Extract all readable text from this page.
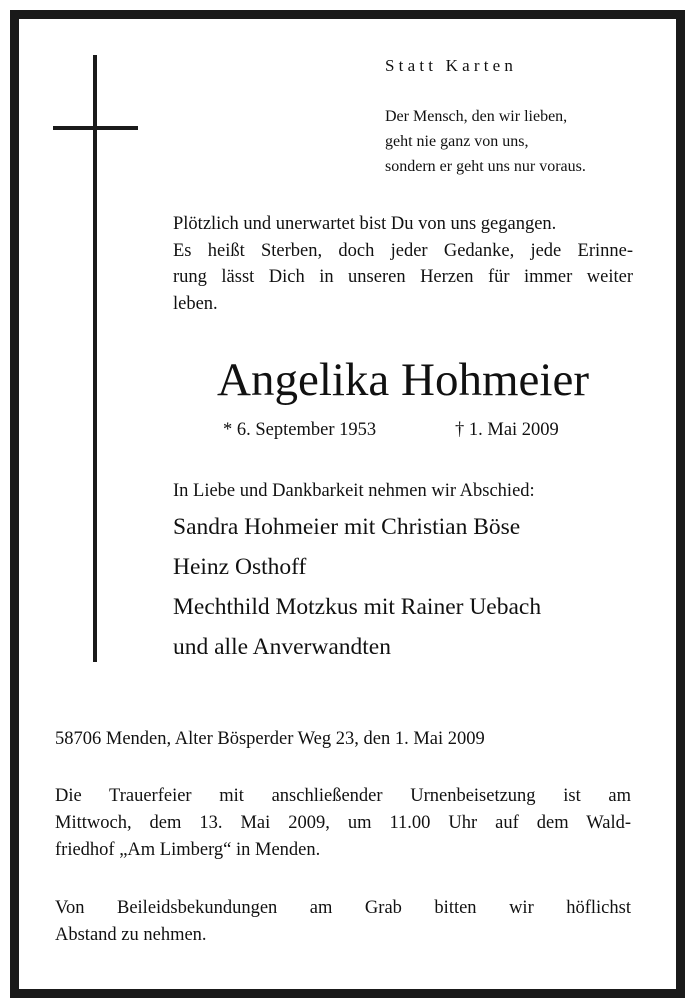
Statt Karten
Der Mensch, den wir lieben,
geht nie ganz von uns,
sondern er geht uns nur voraus.
Plötzlich und unerwartet bist Du von uns gegangen.
Es heißt Sterben, doch jeder Gedanke, jede Erinne-
rung lässt Dich in unseren Herzen für immer weiter
leben.
Angelika Hohmeier
* 6. September 1953	† 1. Mai 2009
In Liebe und Dankbarkeit nehmen wir Abschied:
Sandra Hohmeier mit Christian Böse
Heinz Osthoff
Mechthild Motzkus mit Rainer Uebach
und alle Anverwandten
58706 Menden, Alter Bösperder Weg 23, den 1. Mai 2009
Die Trauerfeier mit anschließender Urnenbeisetzung ist am
Mittwoch, dem 13. Mai 2009, um 11.00 Uhr auf dem Wald-
friedhof „Am Limberg“ in Menden.
Von Beileidsbekundungen am Grab bitten wir höflichst
Abstand zu nehmen.
